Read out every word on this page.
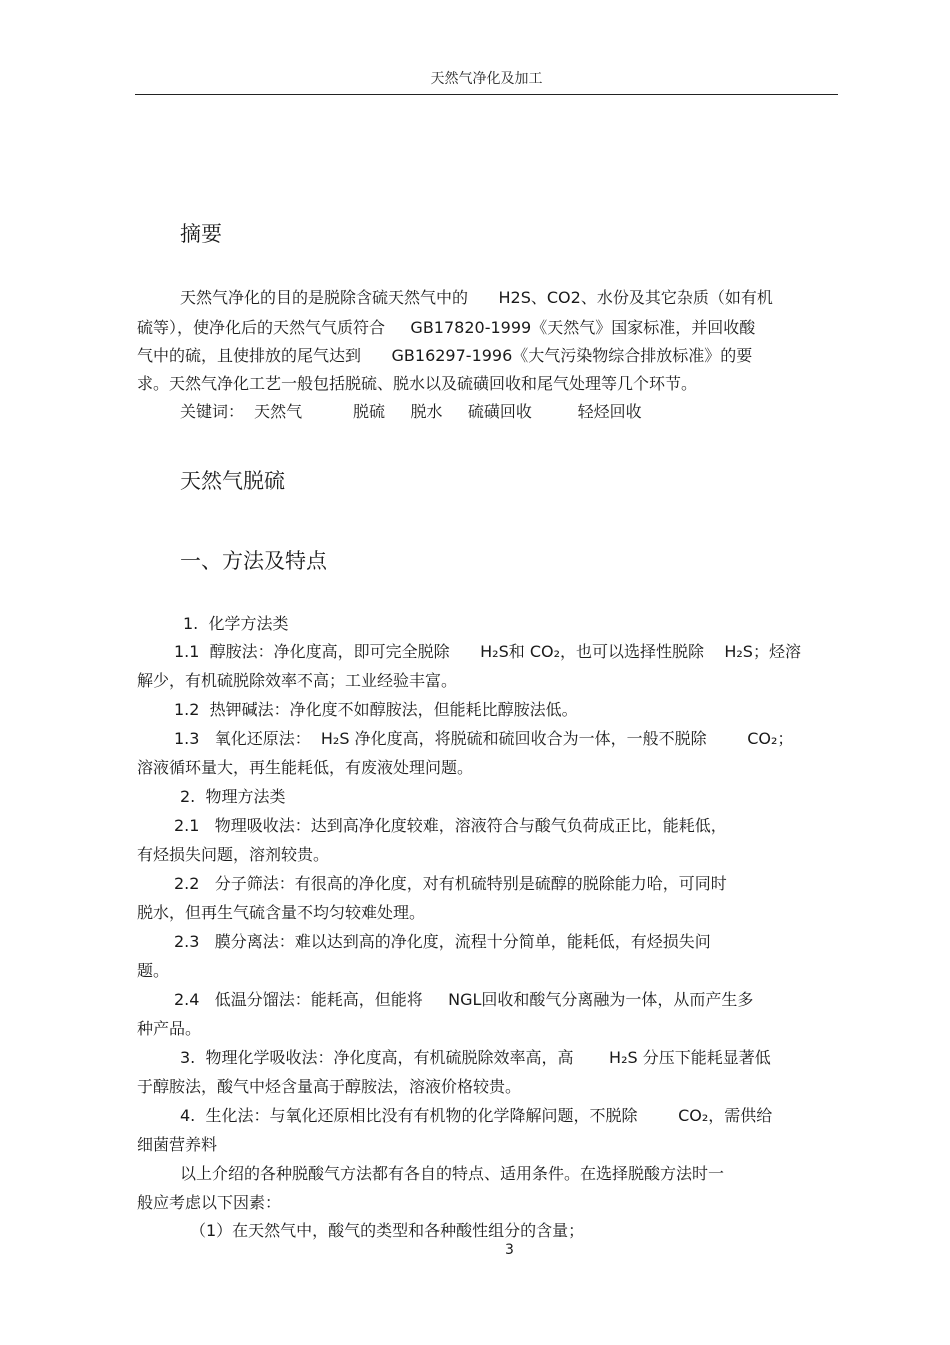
天然气净化及加工
摘要
天然气净化的目的是脱除含硫天然气中的      H2S、CO2、水份及其它杂质（如有机
硫等），使净化后的天然气气质符合     GB17820-1999《天然气》国家标准，并回收酸
气中的硫，且使排放的尾气达到      GB16297-1996《大气污染物综合排放标准》的要
求。天然气净化工艺一般包括脱硫、脱水以及硫磺回收和尾气处理等几个环节。
关键词：  天然气          脱硫     脱水     硫磺回收         轻烃回收
天然气脱硫
一、方法及特点
1.  化学方法类
1.1  醇胺法：净化度高，即可完全脱除      H₂S和 CO₂，也可以选择性脱除    H₂S；烃溶
解少，有机硫脱除效率不高；工业经验丰富。
1.2  热钾碱法：净化度不如醇胺法，但能耗比醇胺法低。
1.3   氧化还原法：  H₂S 净化度高，将脱硫和硫回收合为一体，一般不脱除        CO₂；
溶液循环量大，再生能耗低，有废液处理问题。
2.  物理方法类
2.1   物理吸收法：达到高净化度较难，溶液符合与酸气负荷成正比，能耗低，
有烃损失问题，溶剂较贵。
2.2   分子筛法：有很高的净化度，对有机硫特别是硫醇的脱除能力哈，可同时
脱水，但再生气硫含量不均匀较难处理。
2.3   膜分离法：难以达到高的净化度，流程十分简单，能耗低，有烃损失问
题。
2.4   低温分馏法：能耗高，但能将     NGL回收和酸气分离融为一体，从而产生多
种产品。
3.  物理化学吸收法：净化度高，有机硫脱除效率高，高       H₂S 分压下能耗显著低
于醇胺法，酸气中烃含量高于醇胺法，溶液价格较贵。
4.  生化法：与氧化还原相比没有有机物的化学降解问题，不脱除        CO₂，需供给
细菌营养料
以上介绍的各种脱酸气方法都有各自的特点、适用条件。在选择脱酸方法时一
般应考虑以下因素：
（1）在天然气中，酸气的类型和各种酸性组分的含量；
3
